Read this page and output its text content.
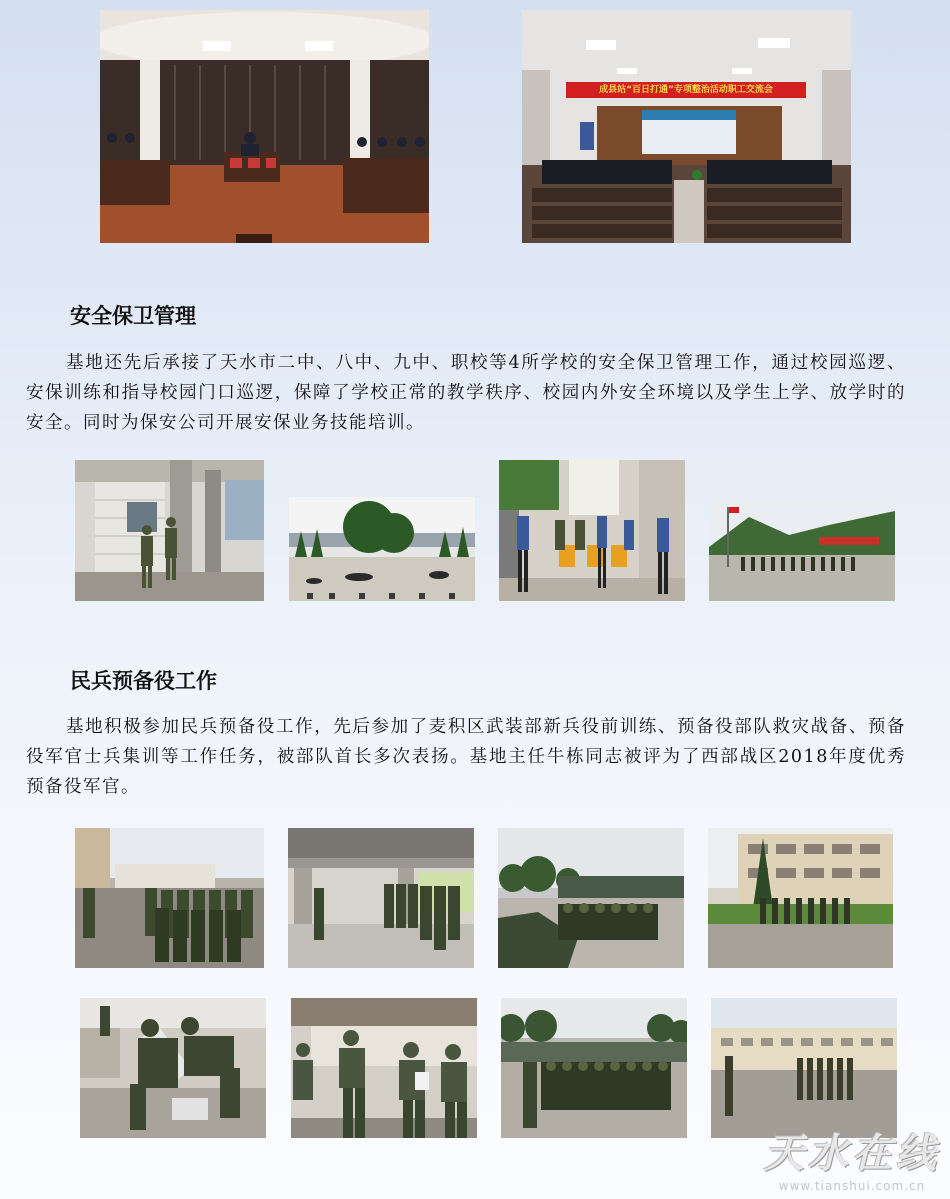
成县站“百日打通”专项整治活动职工交流会
安全保卫管理

基地还先后承接了天水市二中、八中、九中、职校等4所学校的安全保卫管理工作，通过校园巡逻、安保训练和指导校园门口巡逻，保障了学校正常的教学秩序、校园内外安全环境以及学生上学、放学时的安全。同时为保安公司开展安保业务技能培训。

民兵预备役工作

基地积极参加民兵预备役工作，先后参加了麦积区武装部新兵役前训练、预备役部队救灾战备、预备役军官士兵集训等工作任务，被部队首长多次表扬。基地主任牛栋同志被评为了西部战区2018年度优秀预备役军官。

天水在线
www.tianshui.com.cn
